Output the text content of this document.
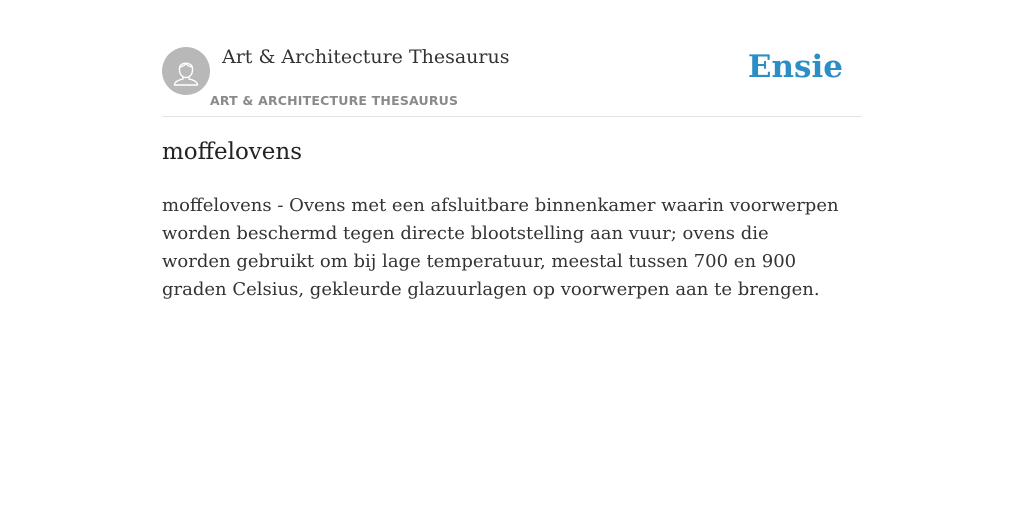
Art & Architecture Thesaurus
ART & ARCHITECTURE THESAURUS
Ensie
moffelovens

moffelovens - Ovens met een afsluitbare binnenkamer waarin voorwerpen worden beschermd tegen directe blootstelling aan vuur; ovens die worden gebruikt om bij lage temperatuur, meestal tussen 700 en 900 graden Celsius, gekleurde glazuurlagen op voorwerpen aan te brengen.
